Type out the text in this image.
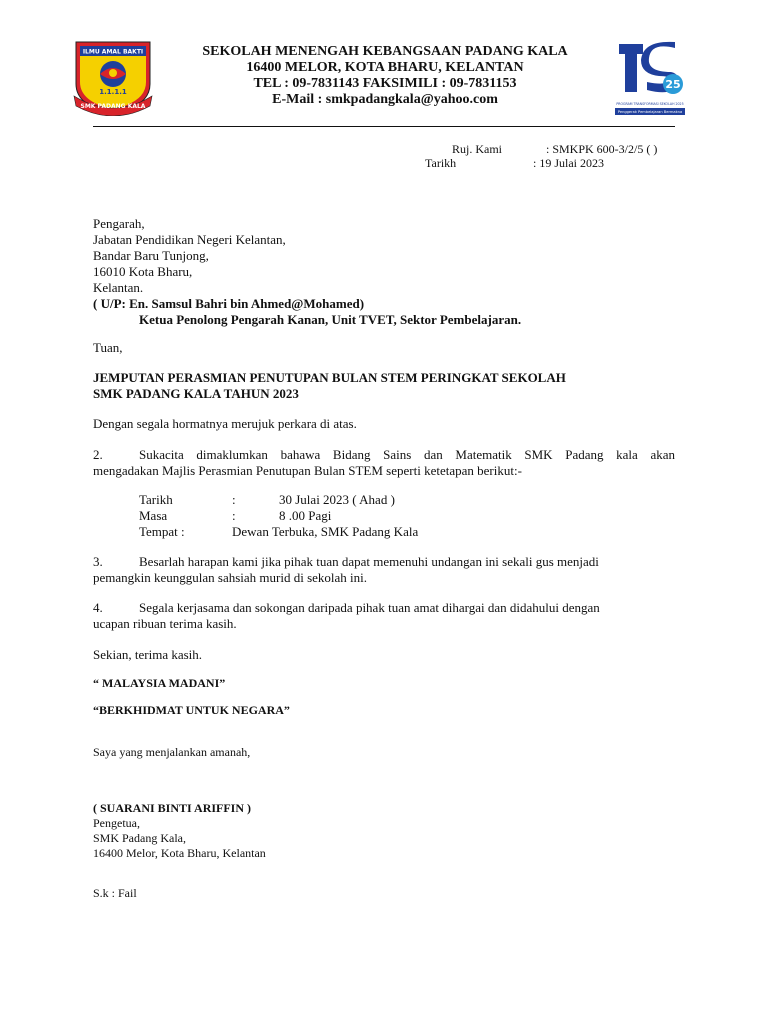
ILMU AMAL BAKTI
1.1.1.1
SMK PADANG KALA
SEKOLAH MENENGAH KEBANGSAAN PADANG KALA
16400 MELOR, KOTA BHARU, KELANTAN
TEL : 09-7831143 FAKSIMILI : 09-7831153
E-Mail : smkpadangkala@yahoo.com
25
PROGRAM TRANSFORMASI SEKOLAH 2025
Penggerak Pembelajaran Bermakna
Ruj. Kami	: SMKPK 600-3/2/5 ( )
Tarikh	: 19 Julai 2023
Pengarah,
Jabatan Pendidikan Negeri Kelantan,
Bandar Baru Tunjong,
16010 Kota Bharu,
Kelantan.
( U/P: En. Samsul Bahri bin Ahmed@Mohamed)
Ketua Penolong Pengarah Kanan, Unit TVET, Sektor Pembelajaran.
Tuan,
JEMPUTAN PERASMIAN PENUTUPAN BULAN STEM PERINGKAT SEKOLAH
SMK PADANG KALA TAHUN 2023
Dengan segala hormatnya merujuk perkara di atas.
2.	Sukacita dimaklumkan bahawa Bidang Sains dan Matematik SMK Padang kala akan
mengadakan Majlis Perasmian Penutupan Bulan STEM seperti ketetapan berikut:-
Tarikh	:	30 Julai 2023 ( Ahad )
Masa	:	8 .00 Pagi
Tempat :	Dewan Terbuka, SMK Padang Kala
3.	Besarlah harapan kami jika pihak tuan dapat memenuhi undangan ini sekali gus menjadi
pemangkin keunggulan sahsiah murid di sekolah ini.
4.	Segala kerjasama dan sokongan daripada pihak tuan amat dihargai dan didahului dengan
ucapan ribuan terima kasih.
Sekian, terima kasih.
“ MALAYSIA MADANI”
“BERKHIDMAT UNTUK NEGARA”
Saya yang menjalankan amanah,
( SUARANI BINTI ARIFFIN )
Pengetua,
SMK Padang Kala,
16400 Melor, Kota Bharu, Kelantan
S.k : Fail
